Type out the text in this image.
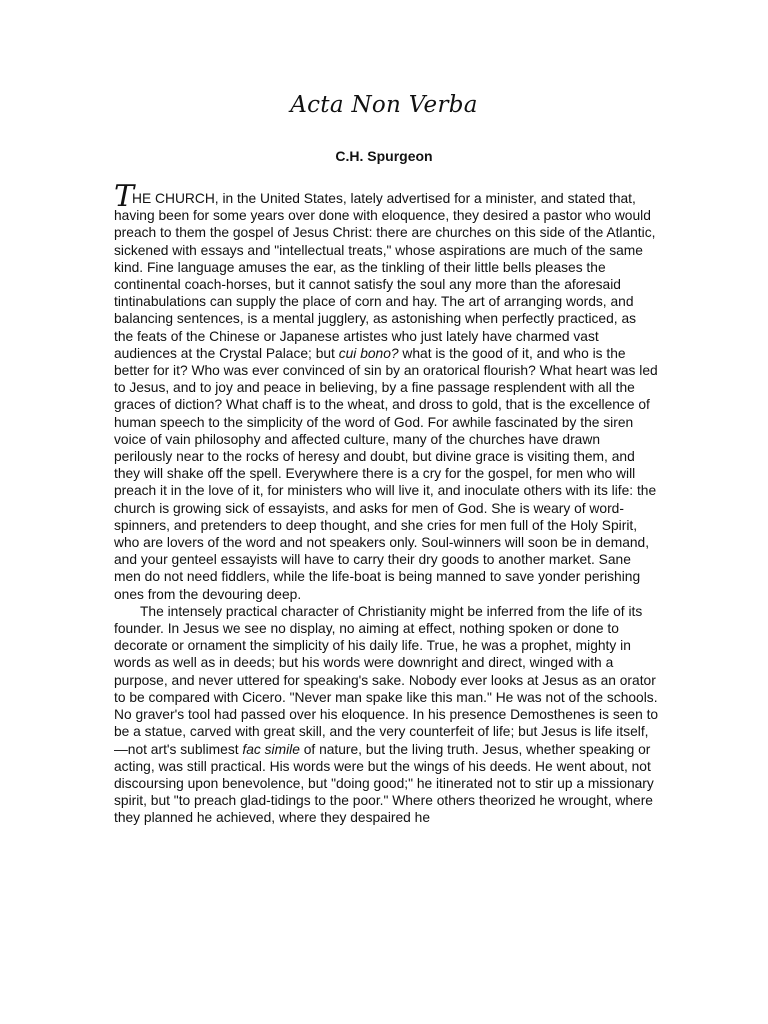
Acta Non Verba
C.H. Spurgeon

THE CHURCH, in the United States, lately advertised for a minister, and stated that, having been for some years over done with eloquence, they desired a pastor who would preach to them the gospel of Jesus Christ: there are churches on this side of the Atlantic, sickened with essays and "intellectual treats," whose aspirations are much of the same kind. Fine language amuses the ear, as the tinkling of their little bells pleases the continental coach-horses, but it cannot satisfy the soul any more than the aforesaid tintinabulations can supply the place of corn and hay. The art of arranging words, and balancing sentences, is a mental jugglery, as astonishing when perfectly practiced, as the feats of the Chinese or Japanese artistes who just lately have charmed vast audiences at the Crystal Palace; but cui bono? what is the good of it, and who is the better for it? Who was ever convinced of sin by an oratorical flourish? What heart was led to Jesus, and to joy and peace in believing, by a fine passage resplendent with all the graces of diction? What chaff is to the wheat, and dross to gold, that is the excellence of human speech to the simplicity of the word of God. For awhile fascinated by the siren voice of vain philosophy and affected culture, many of the churches have drawn perilously near to the rocks of heresy and doubt, but divine grace is visiting them, and they will shake off the spell. Everywhere there is a cry for the gospel, for men who will preach it in the love of it, for ministers who will live it, and inoculate others with its life: the church is growing sick of essayists, and asks for men of God. She is weary of word-spinners, and pretenders to deep thought, and she cries for men full of the Holy Spirit, who are lovers of the word and not speakers only. Soul-winners will soon be in demand, and your genteel essayists will have to carry their dry goods to another market. Sane men do not need fiddlers, while the life-boat is being manned to save yonder perishing ones from the devouring deep.

The intensely practical character of Christianity might be inferred from the life of its founder. In Jesus we see no display, no aiming at effect, nothing spoken or done to decorate or ornament the simplicity of his daily life. True, he was a prophet, mighty in words as well as in deeds; but his words were downright and direct, winged with a purpose, and never uttered for speaking's sake. Nobody ever looks at Jesus as an orator to be compared with Cicero. "Never man spake like this man." He was not of the schools. No graver's tool had passed over his eloquence. In his presence Demosthenes is seen to be a statue, carved with great skill, and the very counterfeit of life; but Jesus is life itself,—not art's sublimest fac simile of nature, but the living truth. Jesus, whether speaking or acting, was still practical. His words were but the wings of his deeds. He went about, not discoursing upon benevolence, but "doing good;" he itinerated not to stir up a missionary spirit, but "to preach glad-tidings to the poor." Where others theorized he wrought, where they planned he achieved, where they despaired he
